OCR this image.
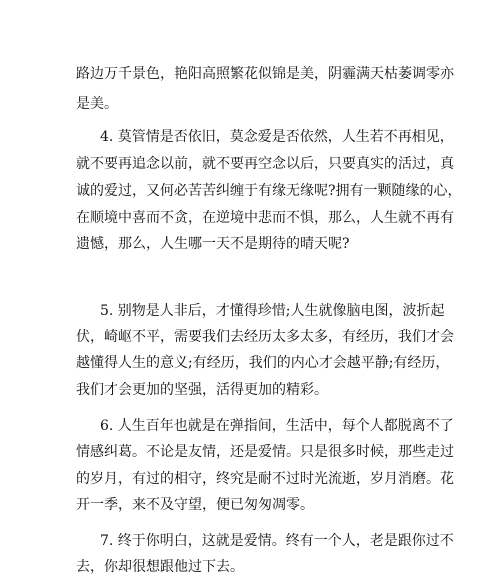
路边万千景色，艳阳高照繁花似锦是美，阴霾满天枯萎调零亦
是美。
4. 莫管情是否依旧，莫念爱是否依然，人生若不再相见，
就不要再追念以前，就不要再空念以后，只要真实的活过，真
诚的爱过，又何必苦苦纠缠于有缘无缘呢?拥有一颗随缘的心，
在顺境中喜而不贪，在逆境中悲而不惧，那么，人生就不再有
遗憾，那么，人生哪一天不是期待的晴天呢?
5. 别物是人非后，才懂得珍惜;人生就像脑电图，波折起
伏，崎岖不平，需要我们去经历太多太多，有经历，我们才会
越懂得人生的意义;有经历，我们的内心才会越平静;有经历，
我们才会更加的坚强，活得更加的精彩。
6. 人生百年也就是在弹指间，生活中，每个人都脱离不了
情感纠葛。不论是友情，还是爱情。只是很多时候，那些走过
的岁月，有过的相守，终究是耐不过时光流逝，岁月消磨。花
开一季，来不及守望，便已匆匆凋零。
7. 终于你明白，这就是爱情。终有一个人，老是跟你过不
去，你却很想跟他过下去。
